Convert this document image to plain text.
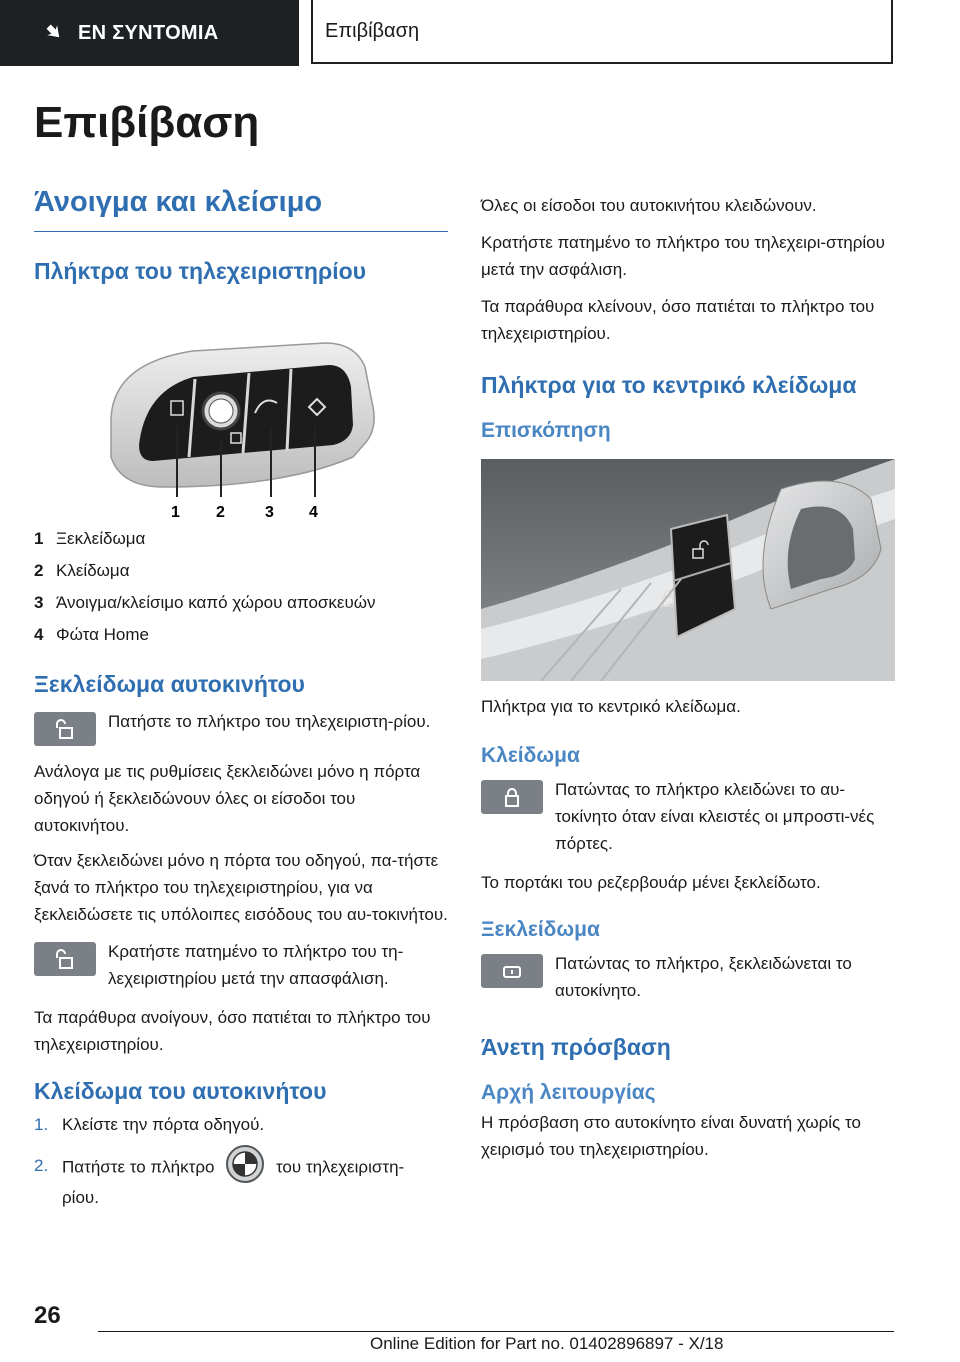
ΕΝ ΣΥΝΤΟΜΙΑ	Επιβίβαση
Επιβίβαση
Άνοιγμα και κλείσιμο
Πλήκτρα του τηλεχειριστηρίου
1 2	3 4
1 Ξεκλείδωμα
2 Κλείδωμα
3 Άνοιγμα/κλείσιμο καπό χώρου αποσκευών
4 Φώτα Home
Ξεκλείδωμα αυτοκινήτου

Πατήστε το πλήκτρο του τηλεχειριστη-ρίου.

Ανάλογα με τις ρυθμίσεις ξεκλειδώνει μόνο η πόρτα οδηγού ή ξεκλειδώνουν όλες οι είσοδοι του αυτοκινήτου.

Όταν ξεκλειδώνει μόνο η πόρτα του οδηγού, πα-τήστε ξανά το πλήκτρο του τηλεχειριστηρίου, για να ξεκλειδώσετε τις υπόλοιπες εισόδους του αυ-τοκινήτου.

Κρατήστε πατημένο το πλήκτρο του τη-λεχειριστηρίου μετά την απασφάλιση.

Τα παράθυρα ανοίγουν, όσο πατιέται το πλήκτρο του τηλεχειριστηρίου.

Κλείδωμα του αυτοκινήτου
1. Κλείστε την πόρτα οδηγού.
2. Πατήστε το πλήκτρο	του τηλεχειριστη-
ρίου.

Όλες οι είσοδοι του αυτοκινήτου κλειδώνουν.

Κρατήστε πατημένο το πλήκτρο του τηλεχειρι-στηρίου μετά την ασφάλιση.

Τα παράθυρα κλείνουν, όσο πατιέται το πλήκτρο του τηλεχειριστηρίου.

Πλήκτρα για το κεντρικό κλείδωμα
Επισκόπηση

Πλήκτρα για το κεντρικό κλείδωμα.

Κλείδωμα

Πατώντας το πλήκτρο κλειδώνει το αυ-τοκίνητο όταν είναι κλειστές οι μπροστι-νές πόρτες.

Το πορτάκι του ρεζερβουάρ μένει ξεκλείδωτο.

Ξεκλείδωμα

Πατώντας το πλήκτρο, ξεκλειδώνεται το αυτοκίνητο.

Άνετη πρόσβαση
Αρχή λειτουργίας

Η πρόσβαση στο αυτοκίνητο είναι δυνατή χωρίς το χειρισμό του τηλεχειριστηρίου.

26
Online Edition for Part no. 01402896897 - X/18
